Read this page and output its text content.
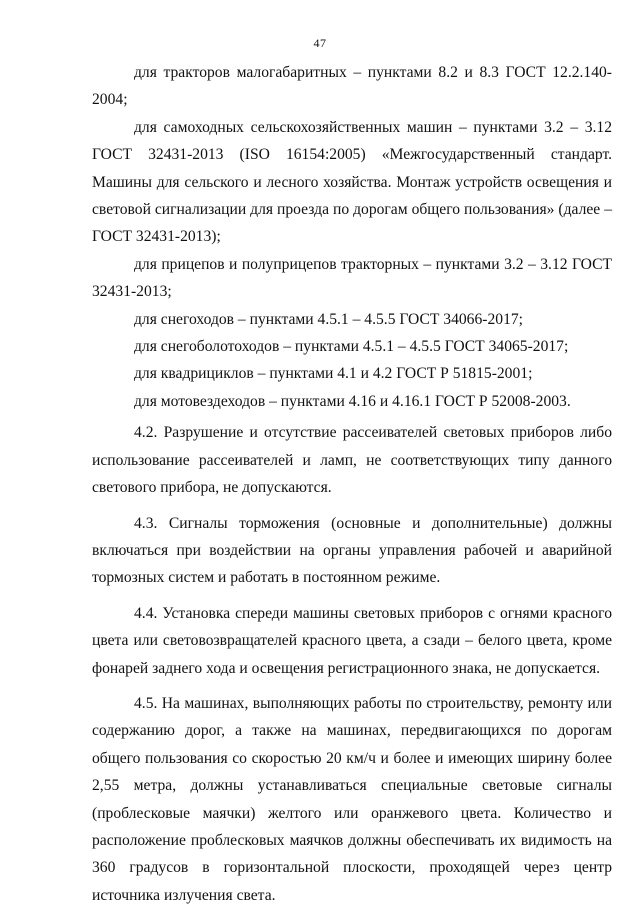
47

для тракторов малогабаритных – пунктами 8.2 и 8.3 ГОСТ 12.2.140-2004;

для самоходных сельскохозяйственных машин – пунктами 3.2 – 3.12 ГОСТ 32431-2013 (ISO 16154:2005) «Межгосударственный стандарт. Машины для сельского и лесного хозяйства. Монтаж устройств освещения и световой сигнализации для проезда по дорогам общего пользования» (далее – ГОСТ 32431-2013);

для прицепов и полуприцепов тракторных – пунктами 3.2 – 3.12 ГОСТ 32431-2013;

для снегоходов – пунктами 4.5.1 – 4.5.5 ГОСТ 34066-2017;

для снегоболотоходов – пунктами 4.5.1 – 4.5.5 ГОСТ 34065-2017;

для квадрициклов – пунктами 4.1 и 4.2 ГОСТ Р 51815-2001;

для мотовездеходов – пунктами 4.16 и 4.16.1 ГОСТ Р 52008-2003.

4.2. Разрушение и отсутствие рассеивателей световых приборов либо использование рассеивателей и ламп, не соответствующих типу данного светового прибора, не допускаются.

4.3. Сигналы торможения (основные и дополнительные) должны включаться при воздействии на органы управления рабочей и аварийной тормозных систем и работать в постоянном режиме.

4.4. Установка спереди машины световых приборов с огнями красного цвета или световозвращателей красного цвета, а сзади – белого цвета, кроме фонарей заднего хода и освещения регистрационного знака, не допускается.

4.5. На машинах, выполняющих работы по строительству, ремонту или содержанию дорог, а также на машинах, передвигающихся по дорогам общего пользования со скоростью 20 км/ч и более и имеющих ширину более 2,55 метра, должны устанавливаться специальные световые сигналы (проблесковые маячки) желтого или оранжевого цвета. Количество и расположение проблесковых маячков должны обеспечивать их видимость на 360 градусов в горизонтальной плоскости, проходящей через центр источника излучения света.
